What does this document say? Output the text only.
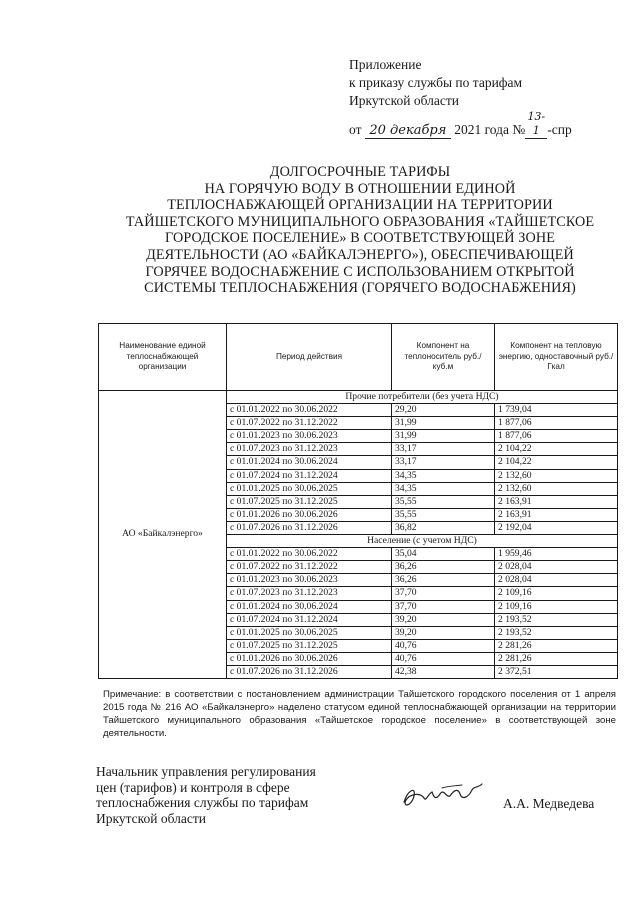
Приложение
к приказу службы по тарифам
Иркутской области
от 20 декабря 2021 года №13-1 -спр
ДОЛГОСРОЧНЫЕ ТАРИФЫ
НА ГОРЯЧУЮ ВОДУ В ОТНОШЕНИИ ЕДИНОЙ
ТЕПЛОСНАБЖАЮЩЕЙ ОРГАНИЗАЦИИ НА ТЕРРИТОРИИ
ТАЙШЕТСКОГО МУНИЦИПАЛЬНОГО ОБРАЗОВАНИЯ «ТАЙШЕТСКОЕ
ГОРОДСКОЕ ПОСЕЛЕНИЕ» В СООТВЕТСТВУЮЩЕЙ ЗОНЕ
ДЕЯТЕЛЬНОСТИ (АО «БАЙКАЛЭНЕРГО»), ОБЕСПЕЧИВАЮЩЕЙ
ГОРЯЧЕЕ ВОДОСНАБЖЕНИЕ С ИСПОЛЬЗОВАНИЕМ ОТКРЫТОЙ
СИСТЕМЫ ТЕПЛОСНАБЖЕНИЯ (ГОРЯЧЕГО ВОДОСНАБЖЕНИЯ)
Наименование единой теплоснабжающей организации	Период действия	Компонент на теплоноситель руб./куб.м	Компонент на тепловую энергию, одноставочный руб./Гкал
АО «Байкалэнерго»	Прочие потребители (без учета НДС)		
	с 01.01.2022 по 30.06.2022	29,20	1 739,04
	с 01.07.2022 по 31.12.2022	31,99	1 877,06
	с 01.01.2023 по 30.06.2023	31,99	1 877,06
	с 01.07.2023 по 31.12.2023	33,17	2 104,22
	с 01.01.2024 по 30.06.2024	33,17	2 104,22
	с 01.07.2024 по 31.12.2024	34,35	2 132,60
	с 01.01.2025 по 30.06.2025	34,35	2 132,60
	с 01.07.2025 по 31.12.2025	35,55	2 163,91
	с 01.01.2026 по 30.06.2026	35,55	2 163,91
	с 01.07.2026 по 31.12.2026	36,82	2 192,04
	Население (с учетом НДС)		
	с 01.01.2022 по 30.06.2022	35,04	1 959,46
	с 01.07.2022 по 31.12.2022	36,26	2 028,04
	с 01.01.2023 по 30.06.2023	36,26	2 028,04
	с 01.07.2023 по 31.12.2023	37,70	2 109,16
	с 01.01.2024 по 30.06.2024	37,70	2 109,16
	с 01.07.2024 по 31.12.2024	39,20	2 193,52
	с 01.01.2025 по 30.06.2025	39,20	2 193,52
	с 01.07.2025 по 31.12.2025	40,76	2 281,26
	с 01.01.2026 по 30.06.2026	40,76	2 281,26
	с 01.07.2026 по 31.12.2026	42,38	2 372,51
Примечание: в соответствии с постановлением администрации Тайшетского городского поселения от 1 апреля 2015 года № 216 АО «Байкалэнерго» наделено статусом единой теплоснабжающей организации на территории Тайшетского муниципального образования «Тайшетское городское поселение» в соответствующей зоне деятельности.
Начальник управления регулирования
цен (тарифов) и контроля в сфере
теплоснабжения службы по тарифам
Иркутской области
А.А. Медведева
